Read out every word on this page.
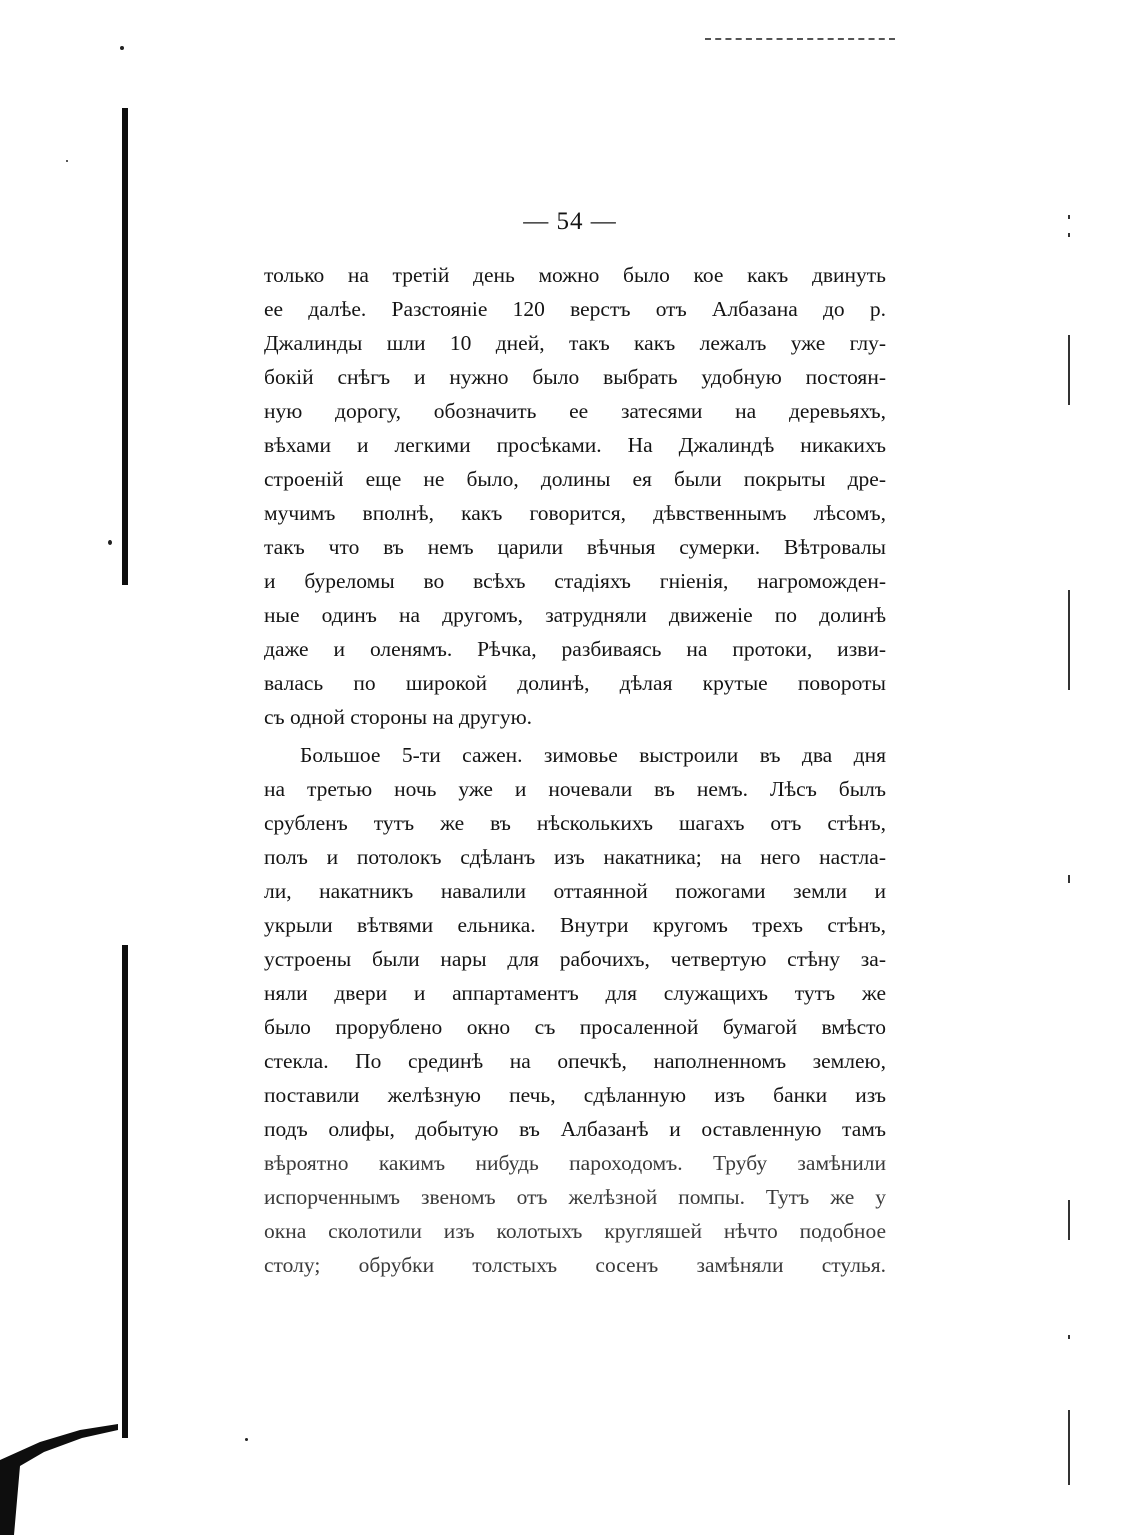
— 54 —
только на третій день можно было кое какъ двинуть
ее далѣе. Разстояніе 120 верстъ отъ Албазана до р.
Джалинды шли 10 дней, такъ какъ лежалъ уже глу-
бокій снѣгъ и нужно было выбрать удобную постоян-
ную дорогу, обозначить ее затесями на деревьяхъ,
вѣхами и легкими просѣками. На Джалиндѣ никакихъ
строеній еще не было, долины ея были покрыты дре-
мучимъ вполнѣ, какъ говорится, дѣвственнымъ лѣсомъ,
такъ что въ немъ царили вѣчныя сумерки. Вѣтровалы
и буреломы во всѣхъ стадіяхъ гніенія, нагроможден-
ные одинъ на другомъ, затрудняли движеніе по долинѣ
даже и оленямъ. Рѣчка, разбиваясь на протоки, изви-
валась по широкой долинѣ, дѣлая крутые повороты
съ одной стороны на другую.
Большое 5-ти сажен. зимовье выстроили въ два дня
на третью ночь уже и ночевали въ немъ. Лѣсъ былъ
срубленъ тутъ же въ нѣсколькихъ шагахъ отъ стѣнъ,
полъ и потолокъ сдѣланъ изъ накатника; на него настла-
ли, накатникъ навалили оттаянной пожогами земли и
укрыли вѣтвями ельника. Внутри кругомъ трехъ стѣнъ,
устроены были нары для рабочихъ, четвертую стѣну за-
няли двери и аппартаментъ для служащихъ тутъ же
было прорублено окно съ просаленной бумагой вмѣсто
стекла. По срединѣ на опечкѣ, наполненномъ землею,
поставили желѣзную печь, сдѣланную изъ банки изъ
подъ олифы, добытую въ Албазанѣ и оставленную тамъ
вѣроятно какимъ нибудь пароходомъ. Трубу замѣнили
испорченнымъ звеномъ отъ желѣзной помпы. Тутъ же у
окна сколотили изъ колотыхъ кругляшей нѣчто подобное
столу; обрубки толстыхъ сосенъ замѣняли стулья.
